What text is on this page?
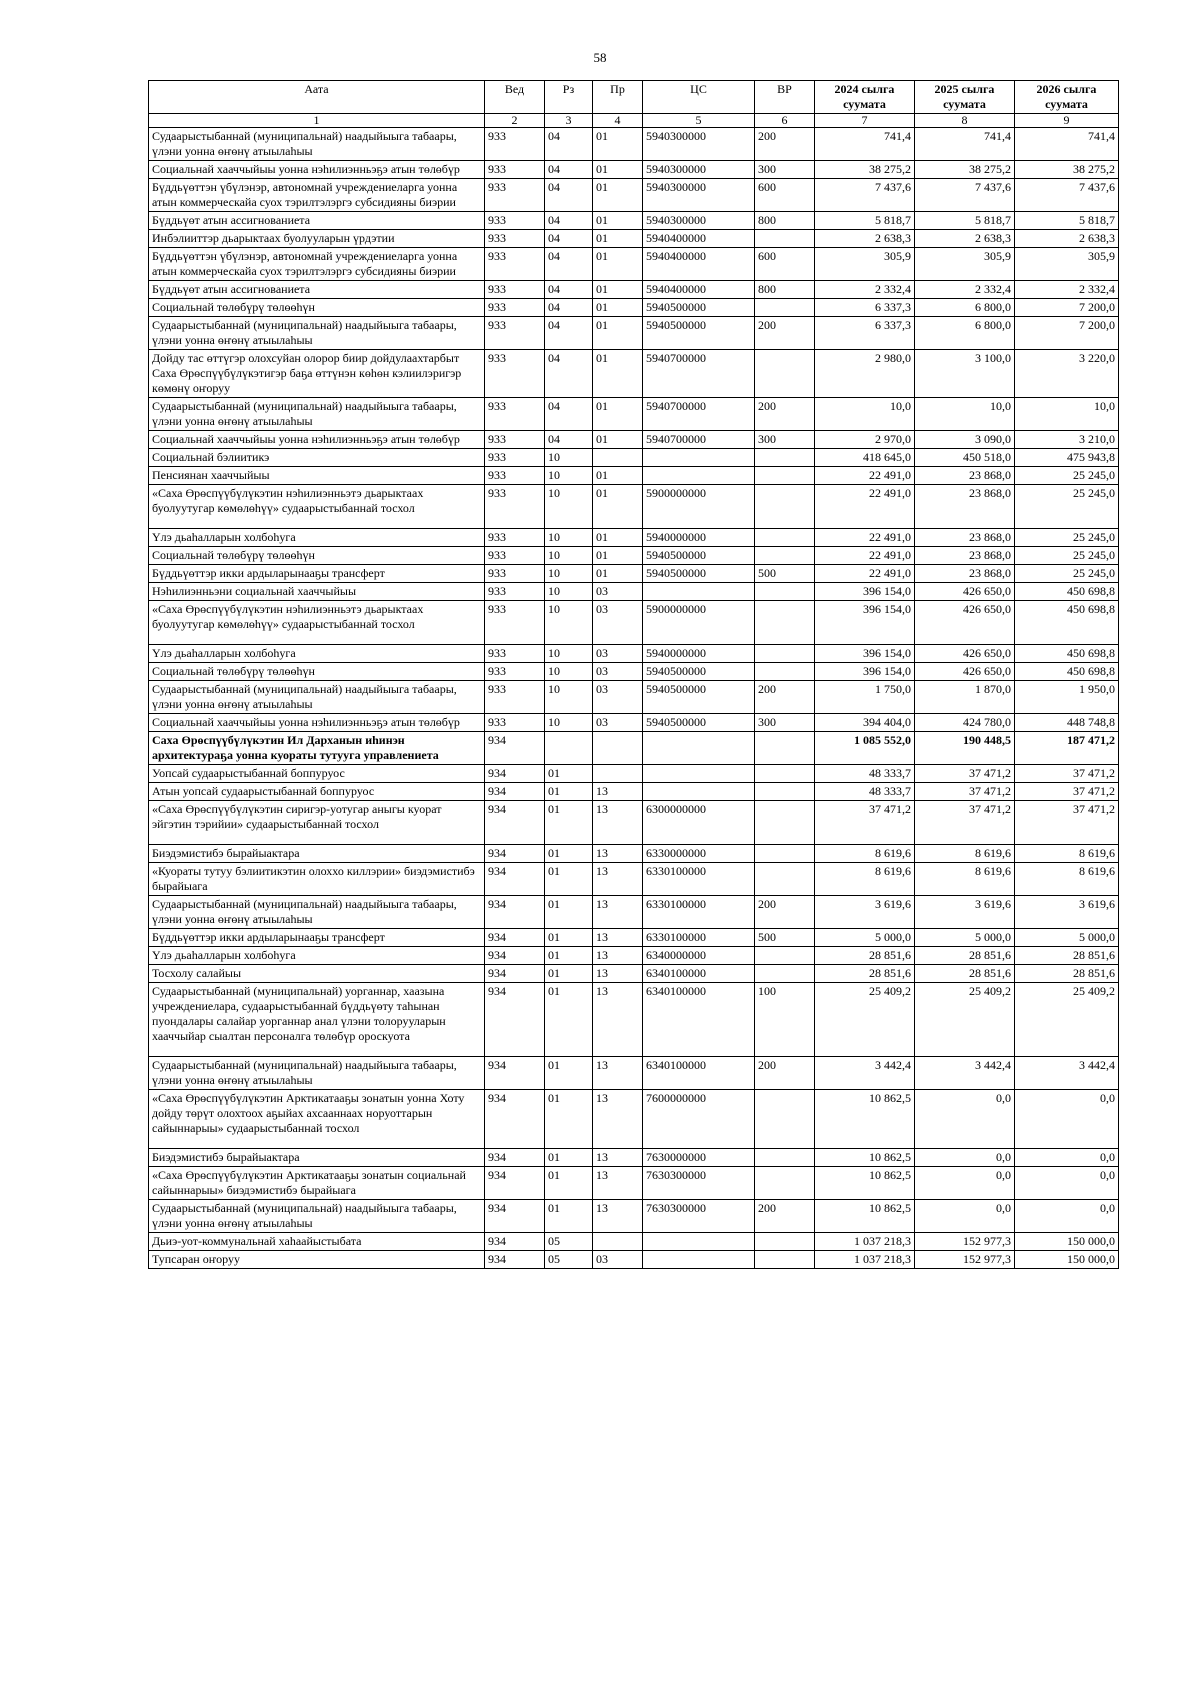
58
Аата	Вед	Рз	Пр	ЦС	ВР	2024 сылга суумата	2025 сылга суумата	2026 сылга суумата
1	2	3	4	5	6	7	8	9
Судаарыстыбаннай (муниципальнай) наадыйыыга табаары, үлэни уонна өҥөнү атыылаһыы	933	04	01	5940300000	200	741,4	741,4	741,4
Социальнай хааччыйыы уонна нэһилиэнньэҕэ атын төлөбүр	933	04	01	5940300000	300	38 275,2	38 275,2	38 275,2
Бүддьүөттэн үбүлэнэр, автономнай учреждениеларга уонна атын коммерческайа суох тэрилтэлэргэ субсидияны биэрии	933	04	01	5940300000	600	7 437,6	7 437,6	7 437,6
Бүддьүөт атын ассигнованиета	933	04	01	5940300000	800	5 818,7	5 818,7	5 818,7
Инбэлииттэр дьарыктаах буолууларын үрдэтии	933	04	01	5940400000		2 638,3	2 638,3	2 638,3
Бүддьүөттэн үбүлэнэр, автономнай учреждениеларга уонна атын коммерческайа суох тэрилтэлэргэ субсидияны биэрии	933	04	01	5940400000	600	305,9	305,9	305,9
Бүддьүөт атын ассигнованиета	933	04	01	5940400000	800	2 332,4	2 332,4	2 332,4
Социальнай төлөбүрү төлөөһүн	933	04	01	5940500000		6 337,3	6 800,0	7 200,0
Судаарыстыбаннай (муниципальнай) наадыйыыга табаары, үлэни уонна өҥөнү атыылаһыы	933	04	01	5940500000	200	6 337,3	6 800,0	7 200,0
Дойду тас өттүгэр олохсуйан олорор биир дойдулаахтарбыт Саха Өрөспүүбүлүкэтигэр баҕа өттүнэн көһөн кэлиилэригэр көмөнү оҥоруу	933	04	01	5940700000		2 980,0	3 100,0	3 220,0
Судаарыстыбаннай (муниципальнай) наадыйыыга табаары, үлэни уонна өҥөнү атыылаһыы	933	04	01	5940700000	200	10,0	10,0	10,0
Социальнай хааччыйыы уонна нэһилиэнньэҕэ атын төлөбүр	933	04	01	5940700000	300	2 970,0	3 090,0	3 210,0
Социальнай бэлиитикэ	933	10				418 645,0	450 518,0	475 943,8
Пенсиянан хааччыйыы	933	10	01			22 491,0	23 868,0	25 245,0
«Саха Өрөспүүбүлүкэтин нэһилиэнньэтэ дьарыктаах буолуутугар көмөлөһүү» судаарыстыбаннай тосхол	933	10	01	5900000000		22 491,0	23 868,0	25 245,0
Үлэ дьаһалларын холбоһуга	933	10	01	5940000000		22 491,0	23 868,0	25 245,0
Социальнай төлөбүрү төлөөһүн	933	10	01	5940500000		22 491,0	23 868,0	25 245,0
Бүддьүөттэр икки ардыларынааҕы трансферт	933	10	01	5940500000	500	22 491,0	23 868,0	25 245,0
Нэһилиэнньэни социальнай хааччыйыы	933	10	03			396 154,0	426 650,0	450 698,8
«Саха Өрөспүүбүлүкэтин нэһилиэнньэтэ дьарыктаах буолуутугар көмөлөһүү» судаарыстыбаннай тосхол	933	10	03	5900000000		396 154,0	426 650,0	450 698,8
Үлэ дьаһалларын холбоһуга	933	10	03	5940000000		396 154,0	426 650,0	450 698,8
Социальнай төлөбүрү төлөөһүн	933	10	03	5940500000		396 154,0	426 650,0	450 698,8
Судаарыстыбаннай (муниципальнай) наадыйыыга табаары, үлэни уонна өҥөнү атыылаһыы	933	10	03	5940500000	200	1 750,0	1 870,0	1 950,0
Социальнай хааччыйыы уонна нэһилиэнньэҕэ атын төлөбүр	933	10	03	5940500000	300	394 404,0	424 780,0	448 748,8
Саха Өрөспүүбүлүкэтин Ил Дарханын иһинэн архитектураҕа уонна куораты тутууга управлениета	934					1 085 552,0	190 448,5	187 471,2
Уопсай судаарыстыбаннай боппуруос	934	01				48 333,7	37 471,2	37 471,2
Атын уопсай судаарыстыбаннай боппуруос	934	01	13			48 333,7	37 471,2	37 471,2
«Саха Өрөспүүбүлүкэтин сиригэр-уотугар аныгы куорат эйгэтин тэрийии» судаарыстыбаннай тосхол	934	01	13	6300000000		37 471,2	37 471,2	37 471,2
Биэдэмистибэ бырайыактара	934	01	13	6330000000		8 619,6	8 619,6	8 619,6
«Куораты тутуу бэлиитикэтин олоххо киллэрии» биэдэмистибэ бырайыага	934	01	13	6330100000		8 619,6	8 619,6	8 619,6
Судаарыстыбаннай (муниципальнай) наадыйыыга табаары, үлэни уонна өҥөнү атыылаһыы	934	01	13	6330100000	200	3 619,6	3 619,6	3 619,6
Бүддьүөттэр икки ардыларынааҕы трансферт	934	01	13	6330100000	500	5 000,0	5 000,0	5 000,0
Үлэ дьаһалларын холбоһуга	934	01	13	6340000000		28 851,6	28 851,6	28 851,6
Тосхолу салайыы	934	01	13	6340100000		28 851,6	28 851,6	28 851,6
Судаарыстыбаннай (муниципальнай) уорганнар, хаазына учреждениелара, судаарыстыбаннай бүддьүөту таһынан пуондалары салайар уорганнар анал үлэни толорууларын хааччыйар сыалтан персоналга төлөбүр ороскуота	934	01	13	6340100000	100	25 409,2	25 409,2	25 409,2
Судаарыстыбаннай (муниципальнай) наадыйыыга табаары, үлэни уонна өҥөнү атыылаһыы	934	01	13	6340100000	200	3 442,4	3 442,4	3 442,4
«Саха Өрөспүүбүлүкэтин Арктикатааҕы зонатын уонна Хоту дойду төрүт олохтоох аҕыйах ахсааннаах норуоттарын сайыннарыы» судаарыстыбаннай тосхол	934	01	13	7600000000		10 862,5	0,0	0,0
Биэдэмистибэ бырайыактара	934	01	13	7630000000		10 862,5	0,0	0,0
«Саха Өрөспүүбүлүкэтин Арктикатааҕы зонатын социальнай сайыннарыы» биэдэмистибэ бырайыага	934	01	13	7630300000		10 862,5	0,0	0,0
Судаарыстыбаннай (муниципальнай) наадыйыыга табаары, үлэни уонна өҥөнү атыылаһыы	934	01	13	7630300000	200	10 862,5	0,0	0,0
Дьиэ-уот-коммунальнай хаһаайыстыбата	934	05				1 037 218,3	152 977,3	150 000,0
Тупсаран оҥоруу	934	05	03			1 037 218,3	152 977,3	150 000,0
